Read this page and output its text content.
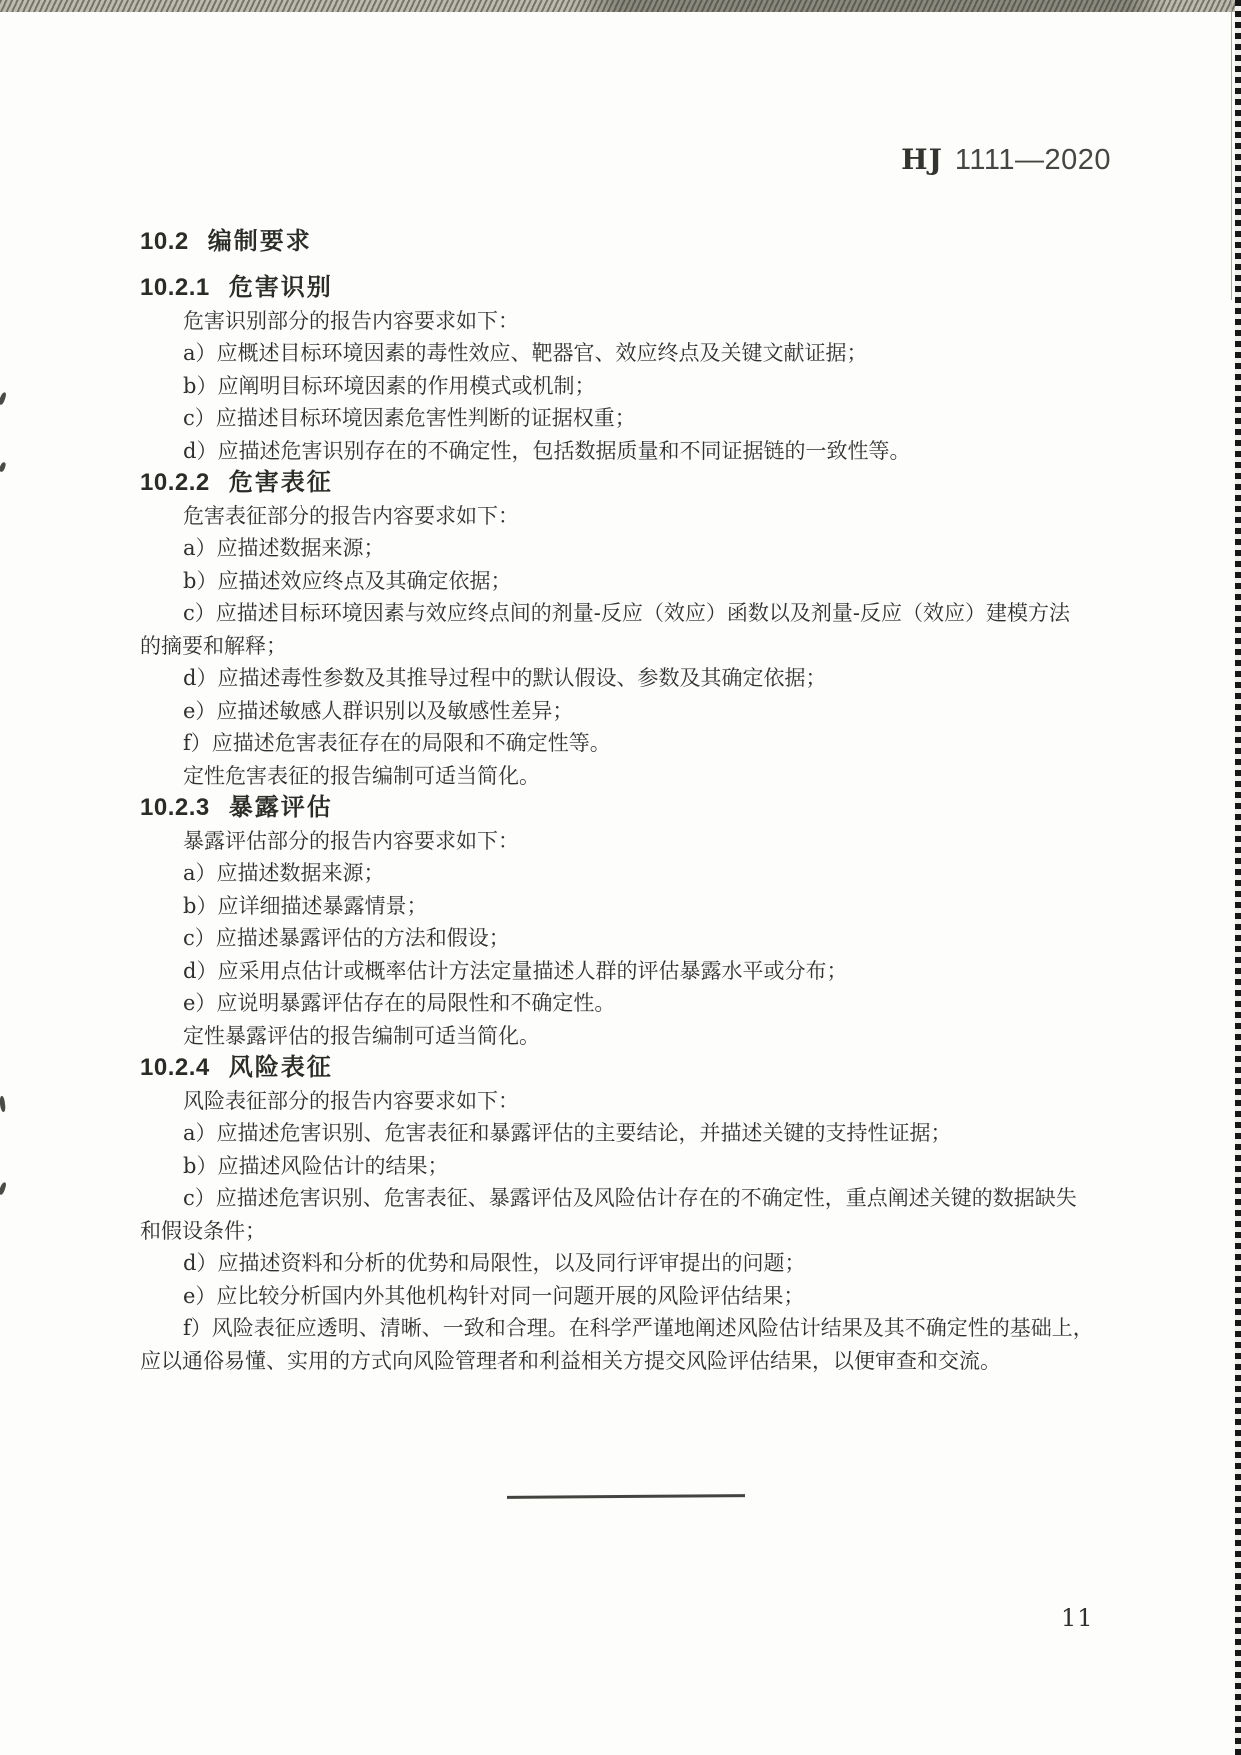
HJ 1111—2020
10.2 编制要求
10.2.1 危害识别
危害识别部分的报告内容要求如下：
a）应概述目标环境因素的毒性效应、靶器官、效应终点及关键文献证据；
b）应阐明目标环境因素的作用模式或机制；
c）应描述目标环境因素危害性判断的证据权重；
d）应描述危害识别存在的不确定性，包括数据质量和不同证据链的一致性等。
10.2.2 危害表征
危害表征部分的报告内容要求如下：
a）应描述数据来源；
b）应描述效应终点及其确定依据；
c）应描述目标环境因素与效应终点间的剂量-反应（效应）函数以及剂量-反应（效应）建模方法
的摘要和解释；
d）应描述毒性参数及其推导过程中的默认假设、参数及其确定依据；
e）应描述敏感人群识别以及敏感性差异；
f）应描述危害表征存在的局限和不确定性等。
定性危害表征的报告编制可适当简化。
10.2.3 暴露评估
暴露评估部分的报告内容要求如下：
a）应描述数据来源；
b）应详细描述暴露情景；
c）应描述暴露评估的方法和假设；
d）应采用点估计或概率估计方法定量描述人群的评估暴露水平或分布；
e）应说明暴露评估存在的局限性和不确定性。
定性暴露评估的报告编制可适当简化。
10.2.4 风险表征
风险表征部分的报告内容要求如下：
a）应描述危害识别、危害表征和暴露评估的主要结论，并描述关键的支持性证据；
b）应描述风险估计的结果；
c）应描述危害识别、危害表征、暴露评估及风险估计存在的不确定性，重点阐述关键的数据缺失
和假设条件；
d）应描述资料和分析的优势和局限性，以及同行评审提出的问题；
e）应比较分析国内外其他机构针对同一问题开展的风险评估结果；
f）风险表征应透明、清晰、一致和合理。在科学严谨地阐述风险估计结果及其不确定性的基础上，
应以通俗易懂、实用的方式向风险管理者和利益相关方提交风险评估结果，以便审查和交流。
11
